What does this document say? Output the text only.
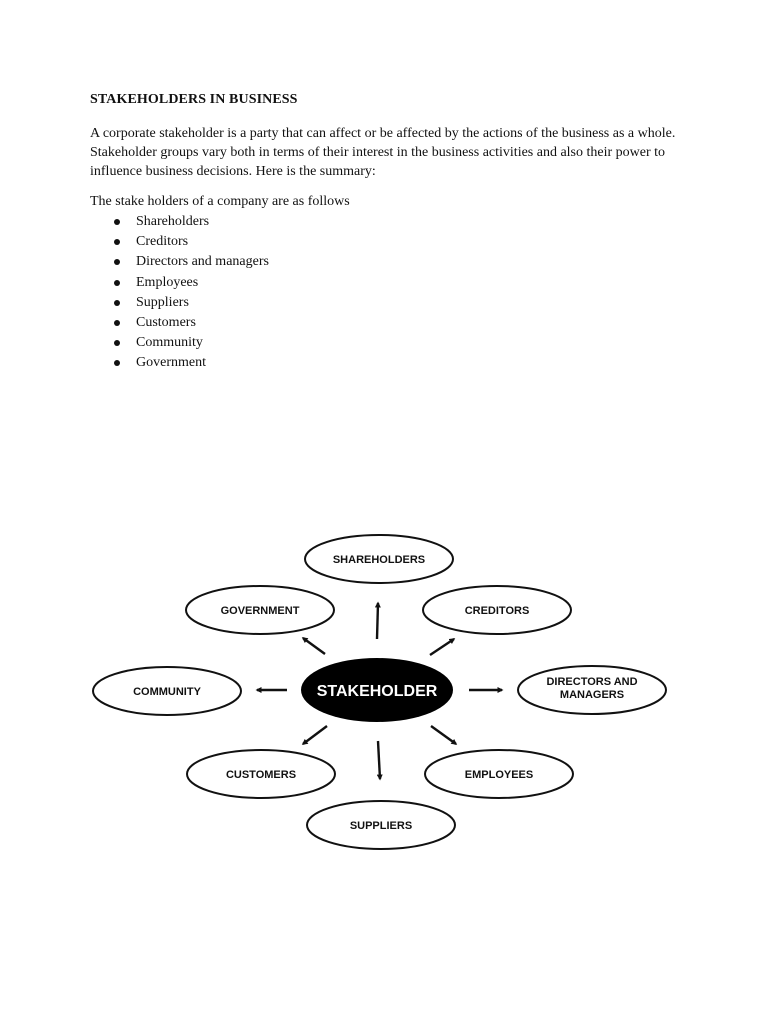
STAKEHOLDERS IN BUSINESS

A corporate stakeholder is a party that can affect or be affected by the actions of the business as a whole.
Stakeholder groups vary both in terms of their interest in the business activities and also their power to
influence business decisions. Here is the summary:

The stake holders of a company are as follows

Shareholders
Creditors
Directors and managers
Employees
Suppliers
Customers
Community
Government
SHAREHOLDERS
CREDITORS
DIRECTORS AND
MANAGERS
EMPLOYEES
SUPPLIERS
CUSTOMERS
COMMUNITY
GOVERNMENT
STAKEHOLDER
